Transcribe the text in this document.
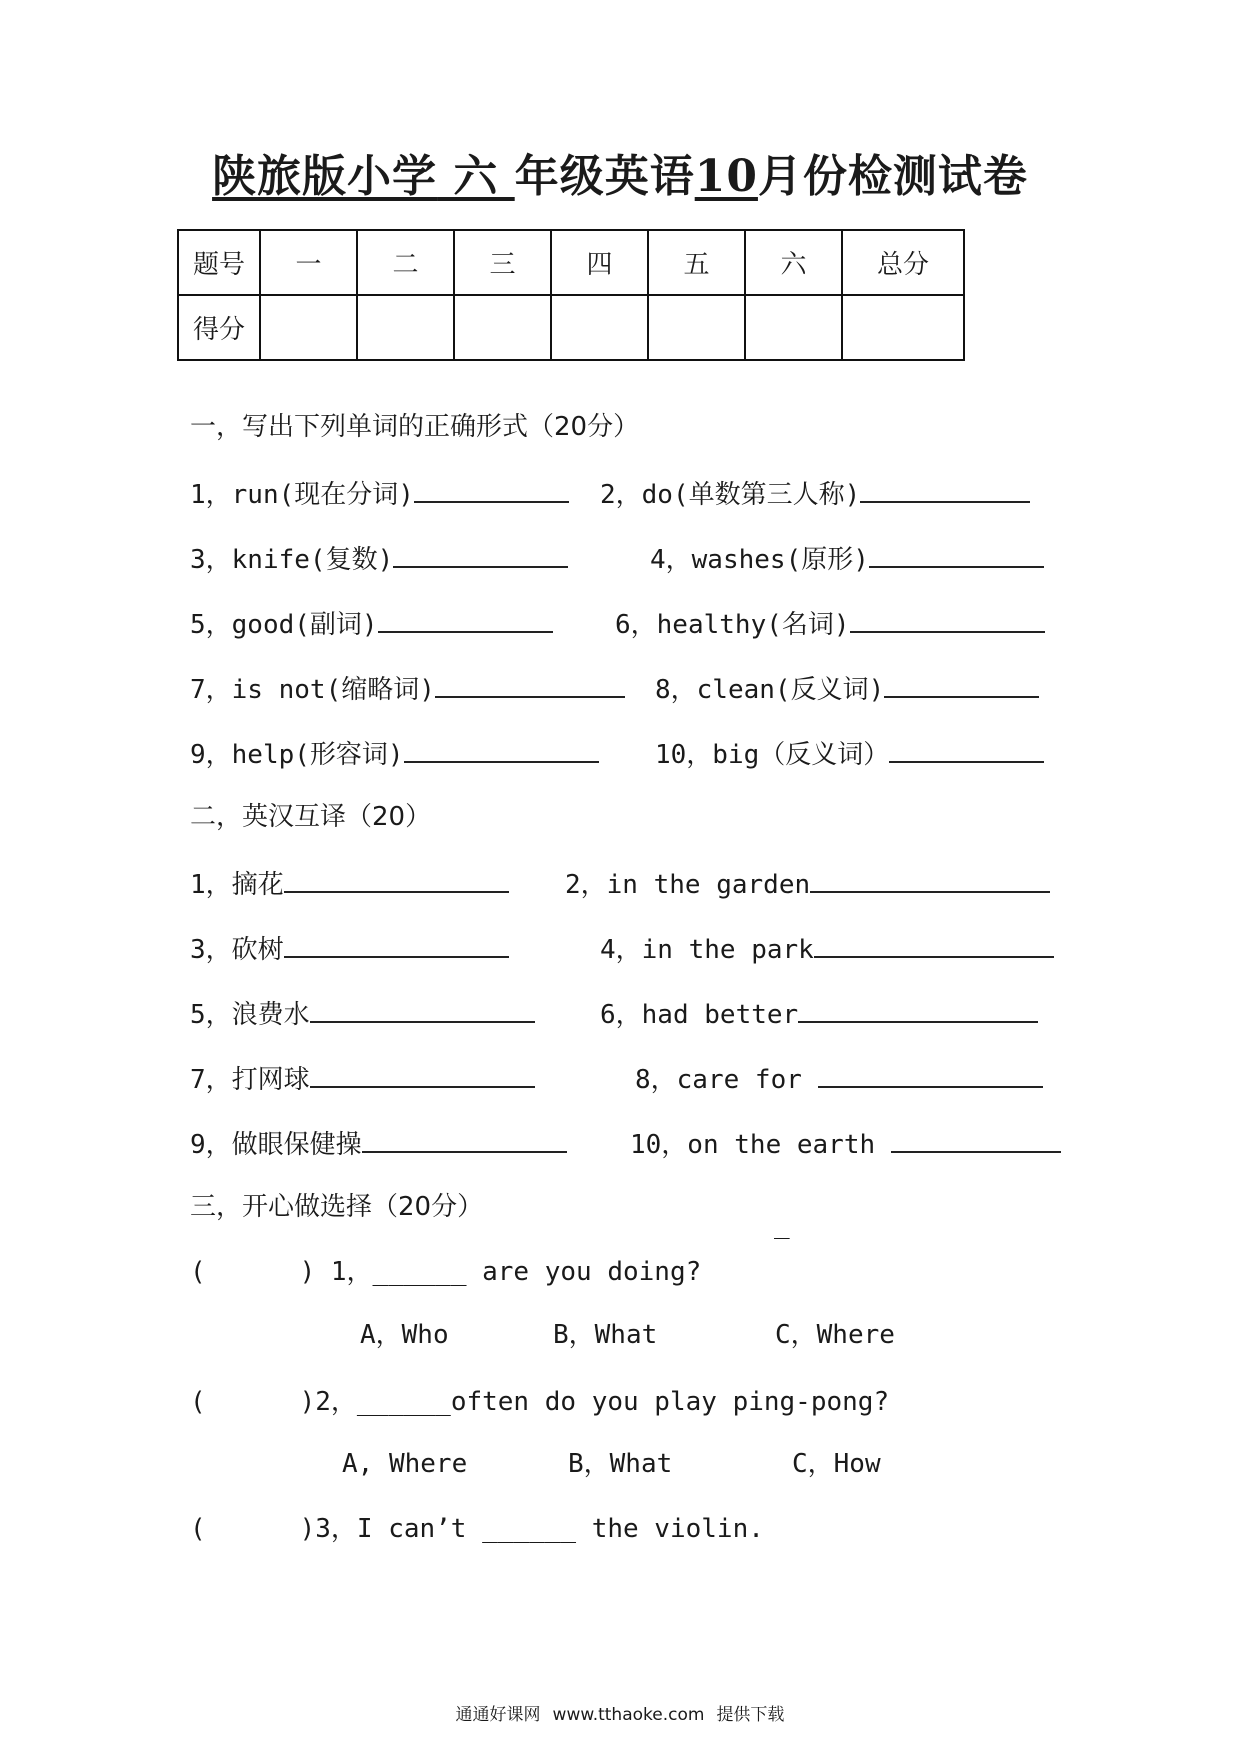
陕旅版小学 六 年级英语10月份检测试卷
题号	一	二	三	四	五	六	总分
得分							
一，写出下列单词的正确形式（20分）
1，run(现在分词)	2，do(单数第三人称)
3，knife(复数)	4，washes(原形)
5，good(副词)	6，healthy(名词)
7，is not(缩略词)	8，clean(反义词)
9，help(形容词)	10，big（反义词）
二，英汉互译（20）
1，摘花	2，in the garden
3，砍树	4，in the park
5，浪费水	6，had better
7，打网球	8，care for
9，做眼保健操	10，on the earth
三，开心做选择（20分）
_
(      ) 1，______ are you doing?
A，Who	B，What	C，Where
(      )2，______often do you play ping-pong?
A, Where	B，What	C，How
(      )3，I can’t ______ the violin.
通通好课网 www.tthaoke.com 提供下载
